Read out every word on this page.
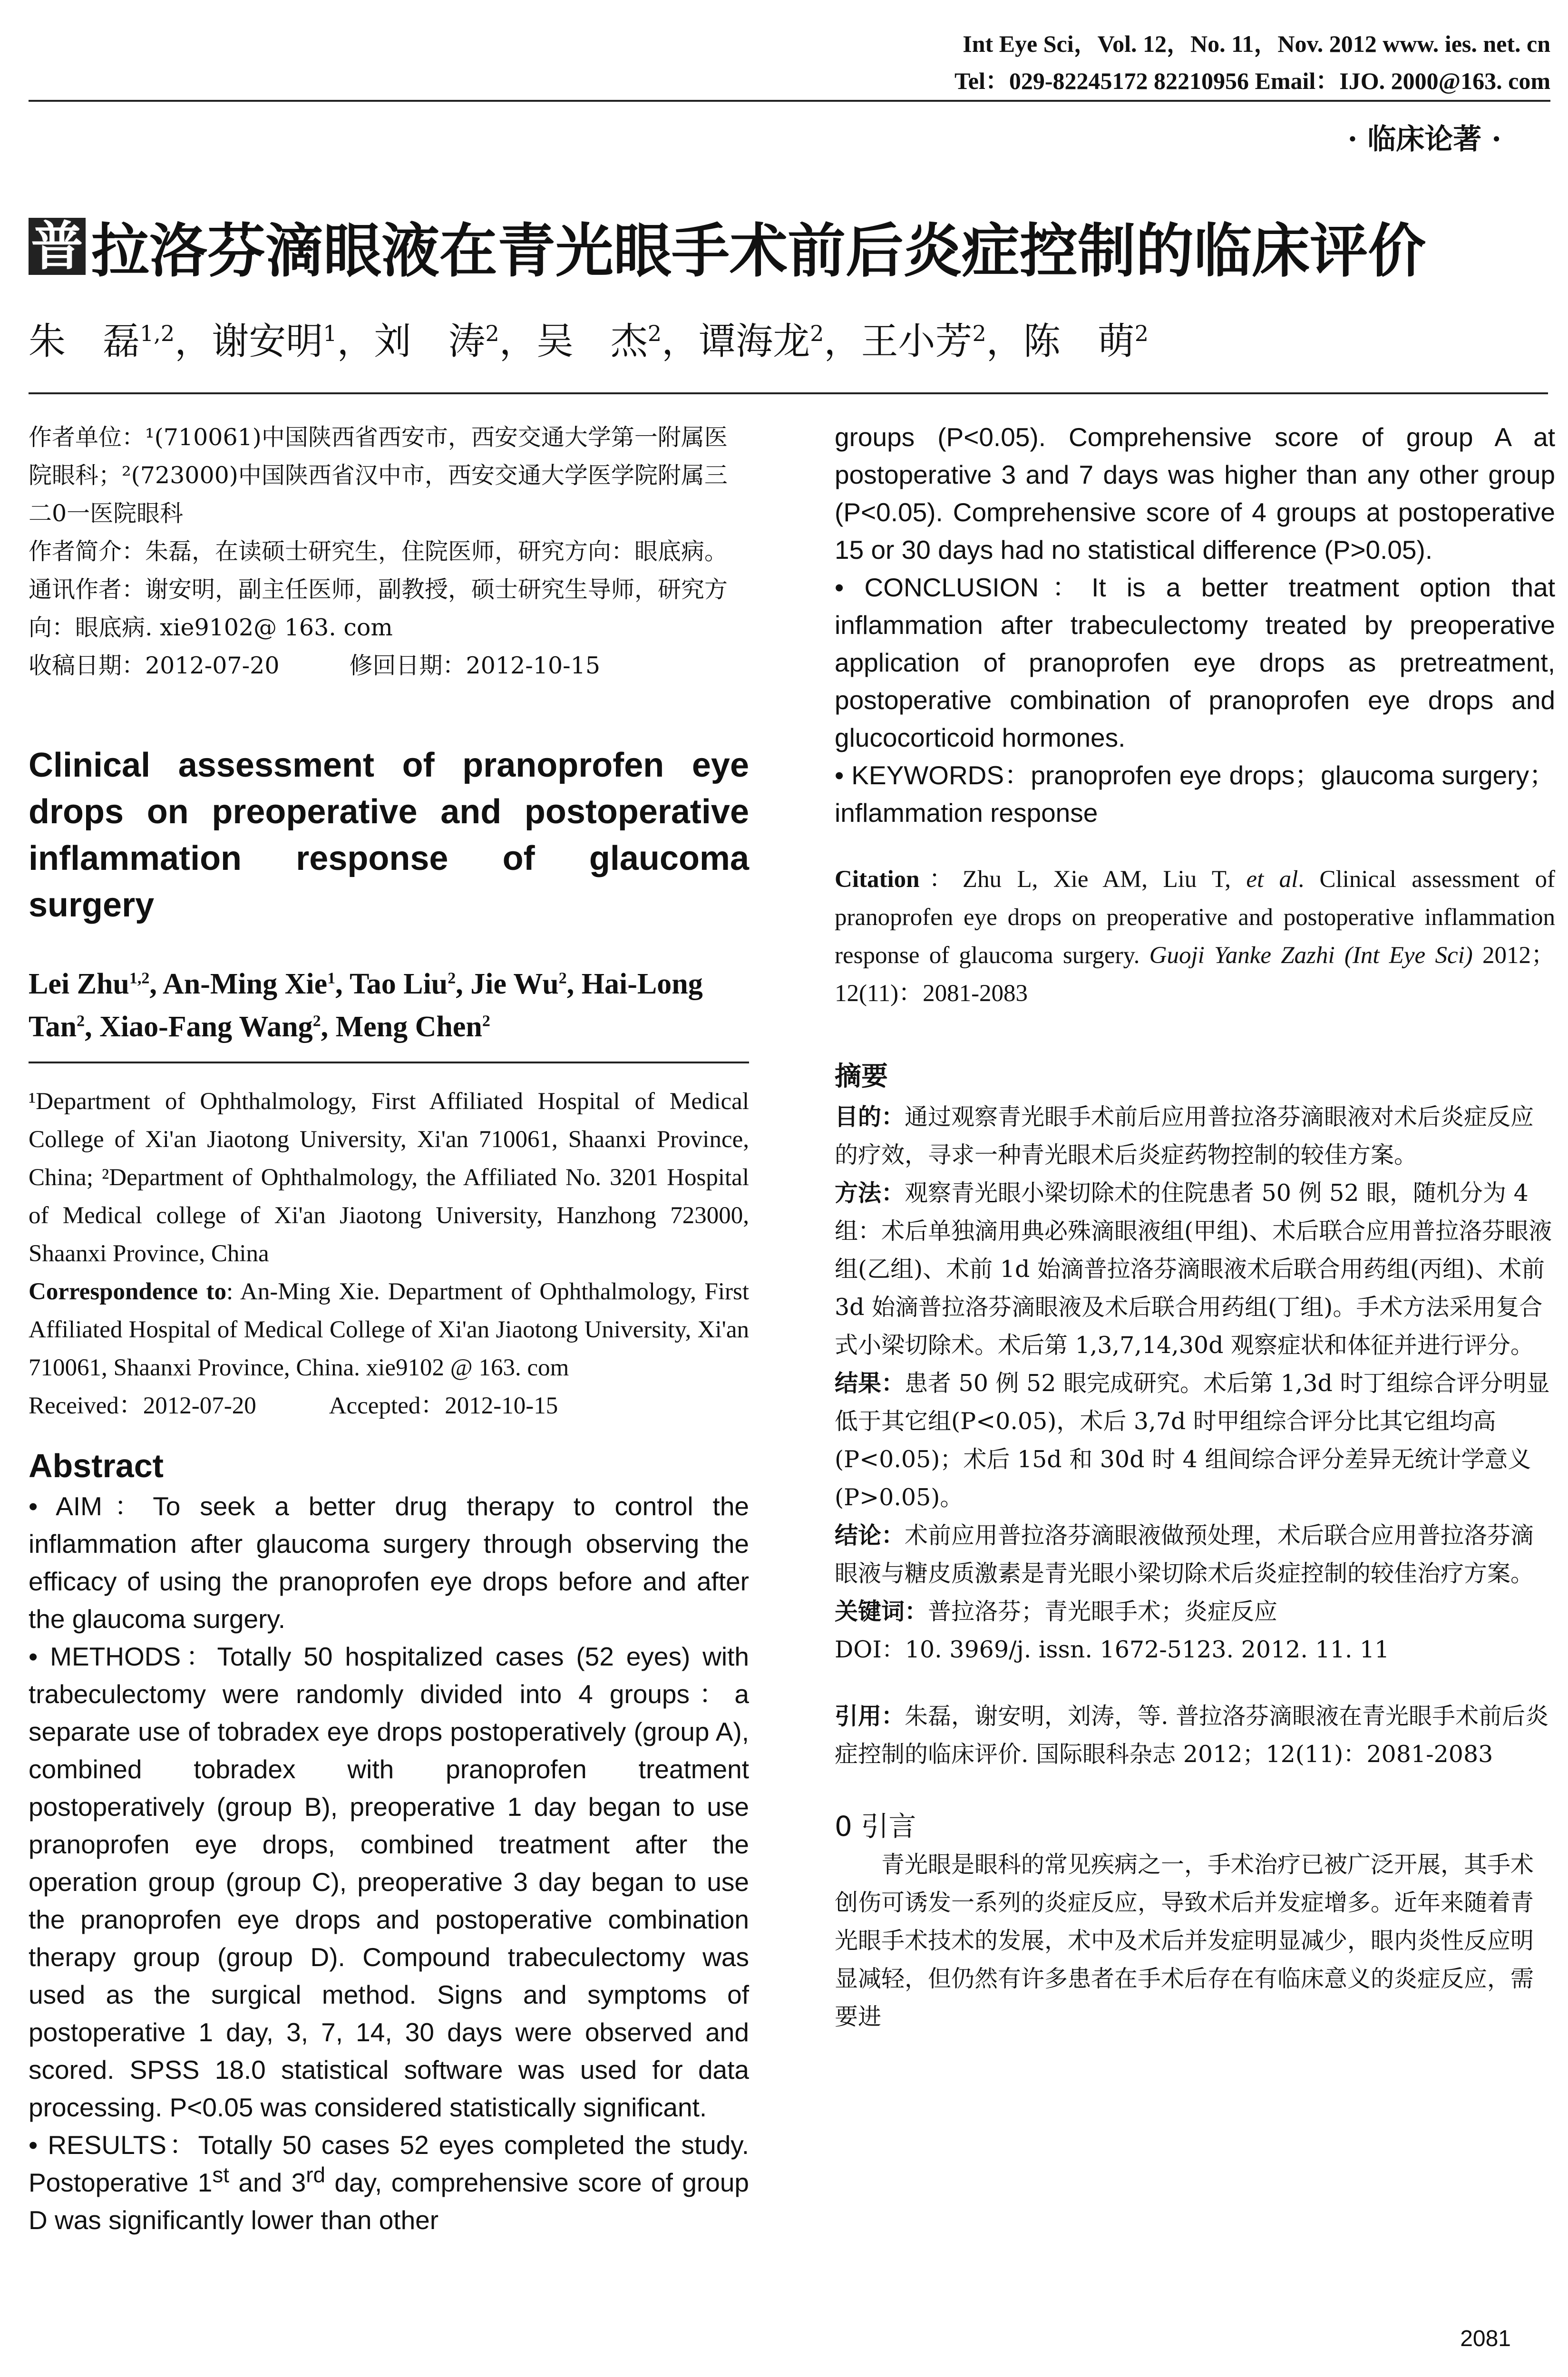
Int Eye Sci，Vol. 12，No. 11，Nov. 2012 www. ies. net. cn
Tel：029-82245172 82210956 Email：IJO. 2000@163. com
· 临床论著 ·
普 拉洛芬滴眼液在青光眼手术前后炎症控制的临床评价
朱　磊$^{1,2}$，谢安明$^1$，刘　涛$^2$，吴　杰$^2$，谭海龙$^2$，王小芳$^2$，陈　萌$^2$

作者单位：¹(710061)中国陕西省西安市，西安交通大学第一附属医院眼科；²(723000)中国陕西省汉中市，西安交通大学医学院附属三二0一医院眼科

作者简介：朱磊，在读硕士研究生，住院医师，研究方向：眼底病。

通讯作者：谢安明，副主任医师，副教授，硕士研究生导师，研究方向：眼底病. xie9102@ 163. com

收稿日期：2012-07-20　　　修回日期：2012-10-15

Clinical assessment of pranoprofen eye drops on preoperative and postoperative inflammation response of glaucoma surgery
Lei Zhu$^{1,2}$, An-Ming Xie$^1$, Tao Liu$^2$, Jie Wu$^2$, Hai-Long Tan$^2$, Xiao-Fang Wang$^2$, Meng Chen$^2$

¹Department of Ophthalmology, First Affiliated Hospital of Medical College of Xi'an Jiaotong University, Xi'an 710061, Shaanxi Province, China; ²Department of Ophthalmology, the Affiliated No. 3201 Hospital of Medical college of Xi'an Jiaotong University, Hanzhong 723000, Shaanxi Province, China

Correspondence to: An-Ming Xie. Department of Ophthalmology, First Affiliated Hospital of Medical College of Xi'an Jiaotong University, Xi'an 710061, Shaanxi Province, China. xie9102 @ 163. com

Received：2012-07-20　　　Accepted：2012-10-15

Abstract

• AIM：To seek a better drug therapy to control the inflammation after glaucoma surgery through observing the efficacy of using the pranoprofen eye drops before and after the glaucoma surgery.

• METHODS：Totally 50 hospitalized cases (52 eyes) with trabeculectomy were randomly divided into 4 groups：a separate use of tobradex eye drops postoperatively (group A), combined tobradex with pranoprofen treatment postoperatively (group B), preoperative 1 day began to use pranoprofen eye drops, combined treatment after the operation group (group C), preoperative 3 day began to use the pranoprofen eye drops and postoperative combination therapy group (group D). Compound trabeculectomy was used as the surgical method. Signs and symptoms of postoperative 1 day, 3, 7, 14, 30 days were observed and scored. SPSS 18.0 statistical software was used for data processing. P<0.05 was considered statistically significant.

• RESULTS：Totally 50 cases 52 eyes completed the study. Postoperative 1st and 3rd day, comprehensive score of group D was significantly lower than other

groups (P<0.05). Comprehensive score of group A at postoperative 3 and 7 days was higher than any other group (P<0.05). Comprehensive score of 4 groups at postoperative 15 or 30 days had no statistical difference (P>0.05).

• CONCLUSION：It is a better treatment option that inflammation after trabeculectomy treated by preoperative application of pranoprofen eye drops as pretreatment, postoperative combination of pranoprofen eye drops and glucocorticoid hormones.

• KEYWORDS：pranoprofen eye drops；glaucoma surgery；inflammation response

Citation：Zhu L, Xie AM, Liu T, et al. Clinical assessment of pranoprofen eye drops on preoperative and postoperative inflammation response of glaucoma surgery. Guoji Yanke Zazhi (Int Eye Sci) 2012；12(11)：2081-2083
摘要

目的：通过观察青光眼手术前后应用普拉洛芬滴眼液对术后炎症反应的疗效，寻求一种青光眼术后炎症药物控制的较佳方案。

方法：观察青光眼小梁切除术的住院患者 50 例 52 眼，随机分为 4 组：术后单独滴用典必殊滴眼液组(甲组)、术后联合应用普拉洛芬眼液组(乙组)、术前 1d 始滴普拉洛芬滴眼液术后联合用药组(丙组)、术前 3d 始滴普拉洛芬滴眼液及术后联合用药组(丁组)。手术方法采用复合式小梁切除术。术后第 1,3,7,14,30d 观察症状和体征并进行评分。

结果：患者 50 例 52 眼完成研究。术后第 1,3d 时丁组综合评分明显低于其它组(P<0.05)，术后 3,7d 时甲组综合评分比其它组均高(P<0.05)；术后 15d 和 30d 时 4 组间综合评分差异无统计学意义(P>0.05)。

结论：术前应用普拉洛芬滴眼液做预处理，术后联合应用普拉洛芬滴眼液与糖皮质激素是青光眼小梁切除术后炎症控制的较佳治疗方案。

关键词：普拉洛芬；青光眼手术；炎症反应

DOI：10. 3969/j. issn. 1672-5123. 2012. 11. 11

引用：朱磊，谢安明，刘涛，等. 普拉洛芬滴眼液在青光眼手术前后炎症控制的临床评价. 国际眼科杂志 2012；12(11)：2081-2083
0 引言
青光眼是眼科的常见疾病之一，手术治疗已被广泛开展，其手术创伤可诱发一系列的炎症反应，导致术后并发症增多。近年来随着青光眼手术技术的发展，术中及术后并发症明显减少，眼内炎性反应明显减轻，但仍然有许多患者在手术后存在有临床意义的炎症反应，需要进
2081
